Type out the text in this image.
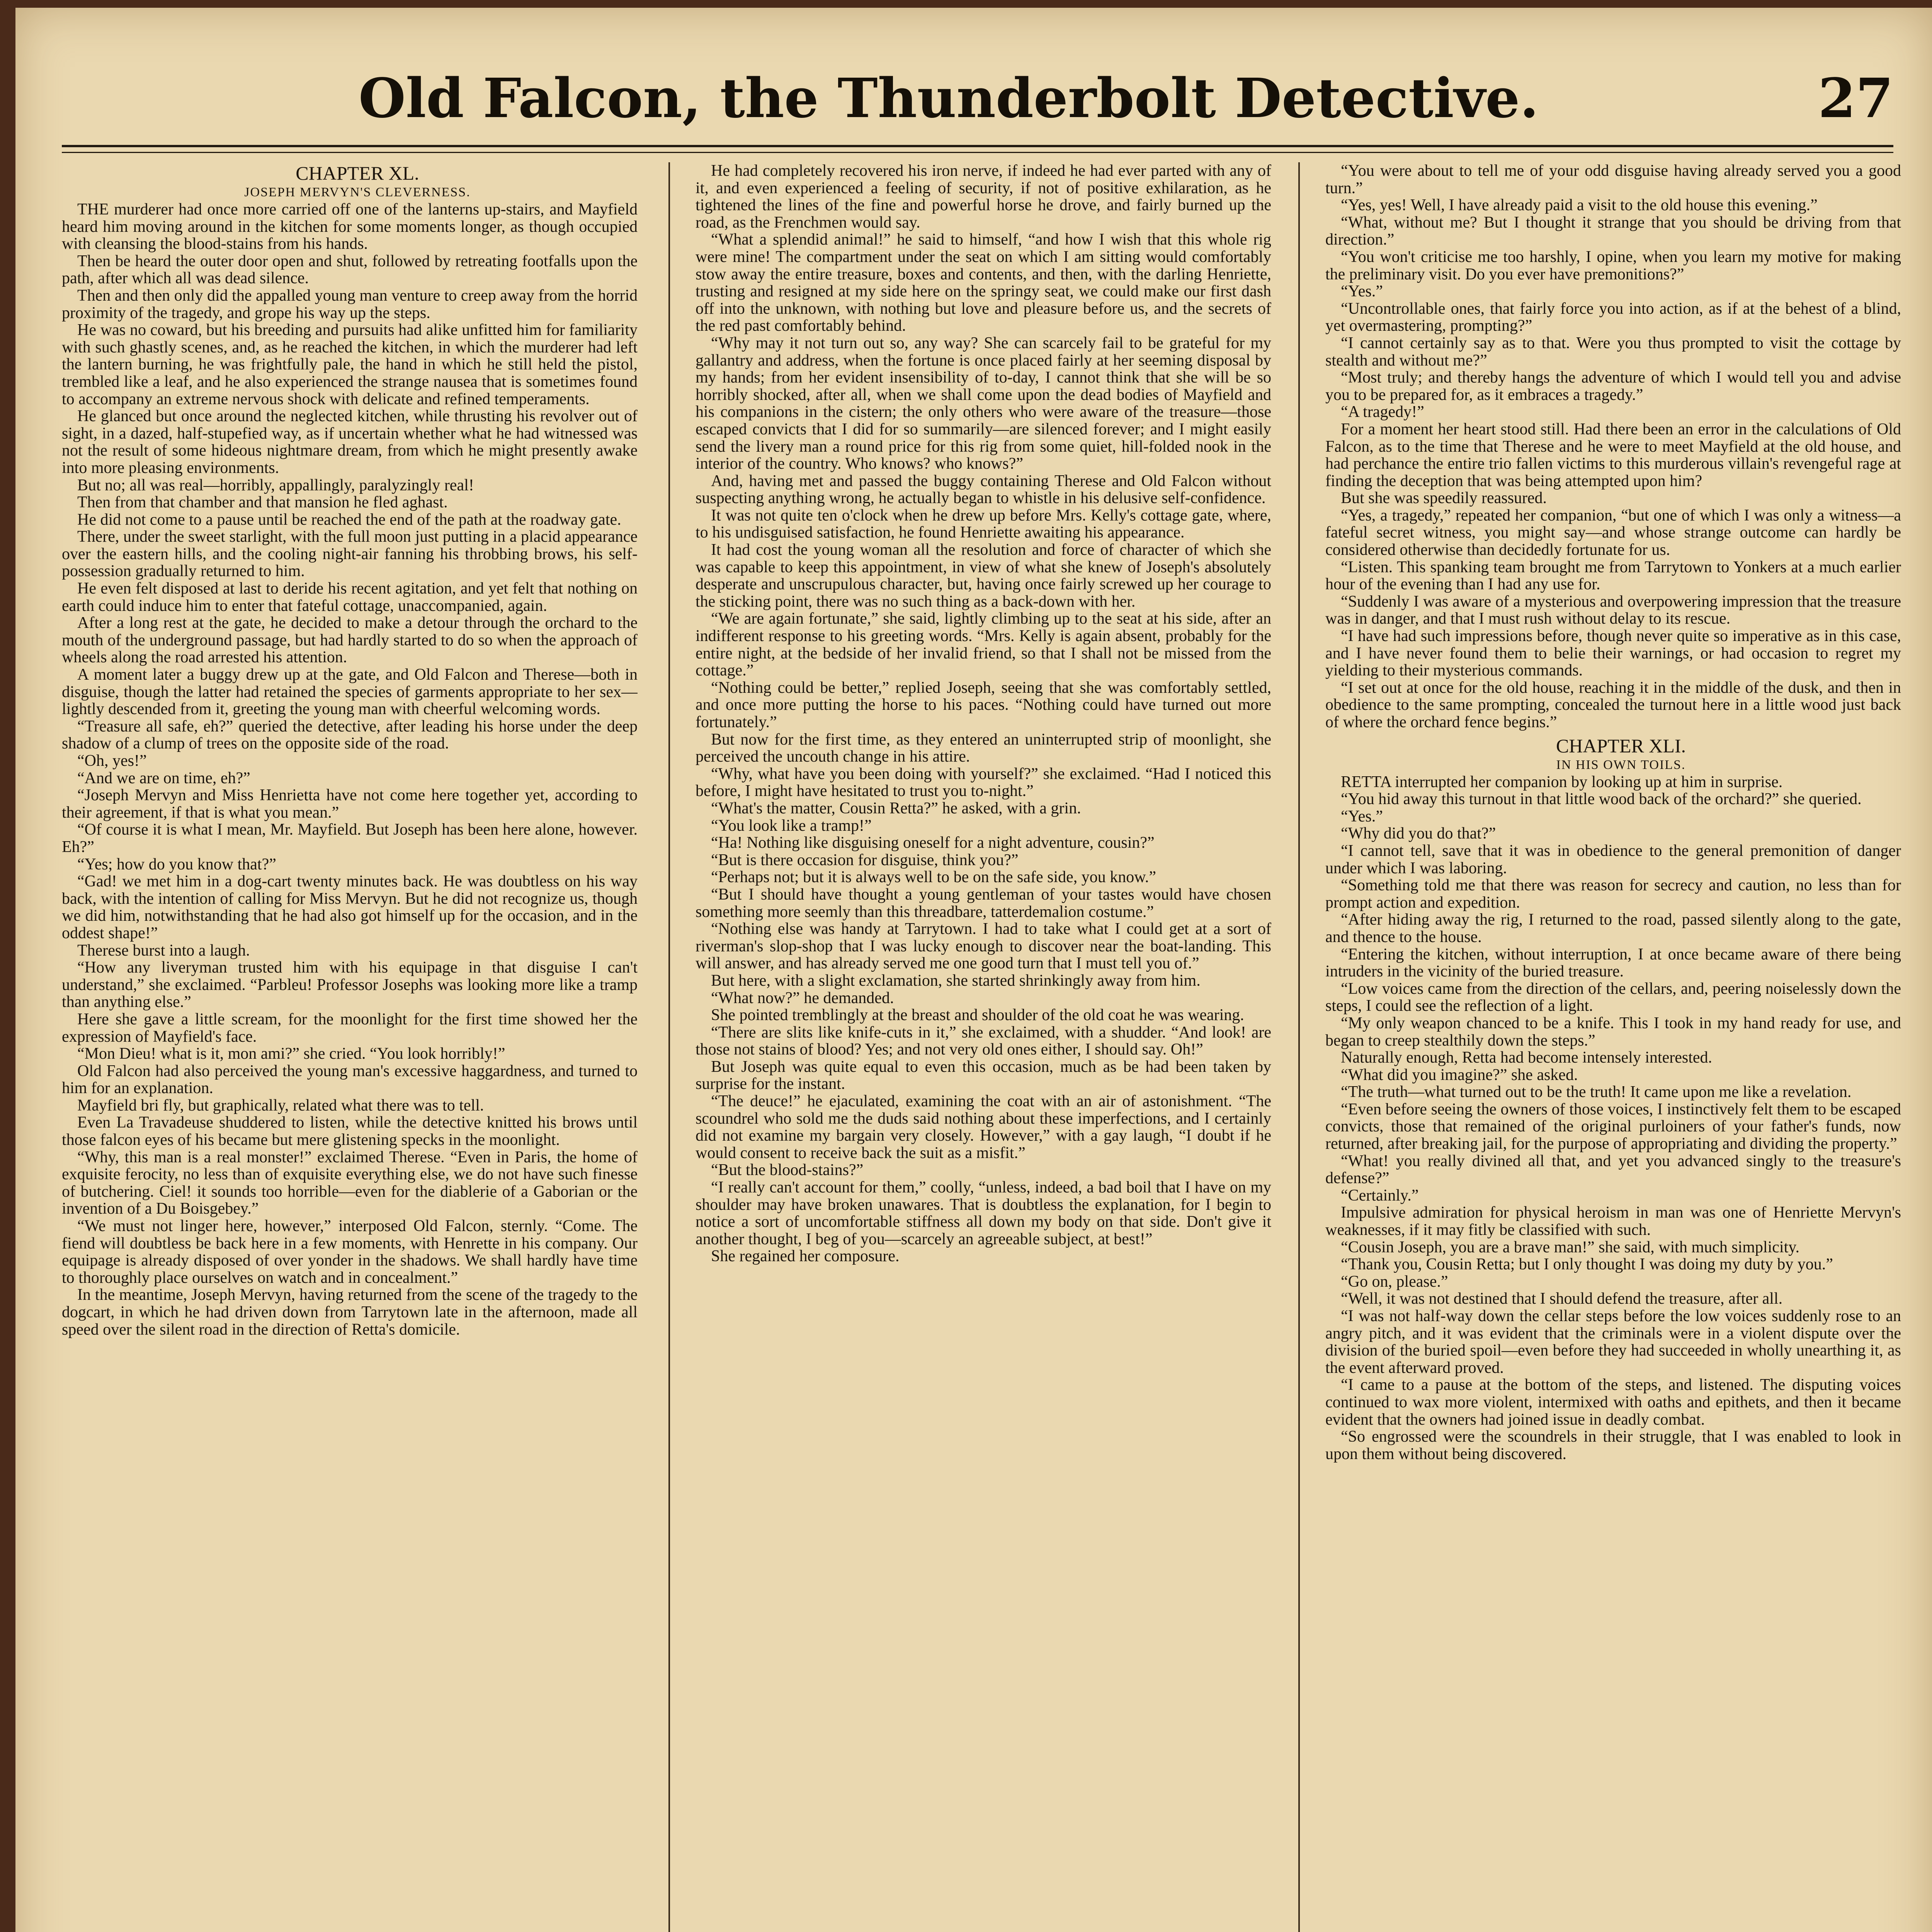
Old Falcon, the Thunderbolt Detective.	27

CHAPTER XL.

JOSEPH MERVYN'S CLEVERNESS.

THE murderer had once more carried off one of the lanterns up-stairs, and Mayfield heard him moving around in the kitchen for some moments longer, as though occupied with cleansing the blood-stains from his hands.

Then be heard the outer door open and shut, followed by retreating footfalls upon the path, after which all was dead silence.

Then and then only did the appalled young man venture to creep away from the horrid proximity of the tragedy, and grope his way up the steps.

He was no coward, but his breeding and pursuits had alike unfitted him for familiarity with such ghastly scenes, and, as he reached the kitchen, in which the murderer had left the lantern burning, he was frightfully pale, the hand in which he still held the pistol, trembled like a leaf, and he also experienced the strange nausea that is sometimes found to accompany an extreme nervous shock with delicate and refined temperaments.

He glanced but once around the neglected kitchen, while thrusting his revolver out of sight, in a dazed, half-stupefied way, as if uncertain whether what he had witnessed was not the result of some hideous nightmare dream, from which he might presently awake into more pleasing environments.

But no; all was real—horribly, appallingly, paralyzingly real!

Then from that chamber and that mansion he fled aghast.

He did not come to a pause until be reached the end of the path at the roadway gate.

There, under the sweet starlight, with the full moon just putting in a placid appearance over the eastern hills, and the cooling night-air fanning his throbbing brows, his self-possession gradually returned to him.

He even felt disposed at last to deride his recent agitation, and yet felt that nothing on earth could induce him to enter that fateful cottage, unaccompanied, again.

After a long rest at the gate, he decided to make a detour through the orchard to the mouth of the underground passage, but had hardly started to do so when the approach of wheels along the road arrested his attention.

A moment later a buggy drew up at the gate, and Old Falcon and Therese—both in disguise, though the latter had retained the species of garments appropriate to her sex—lightly descended from it, greeting the young man with cheerful welcoming words.

“Treasure all safe, eh?” queried the detective, after leading his horse under the deep shadow of a clump of trees on the opposite side of the road.

“Oh, yes!”

“And we are on time, eh?”

“Joseph Mervyn and Miss Henrietta have not come here together yet, according to their agreement, if that is what you mean.”

“Of course it is what I mean, Mr. Mayfield. But Joseph has been here alone, however. Eh?”

“Yes; how do you know that?”

“Gad! we met him in a dog-cart twenty minutes back. He was doubtless on his way back, with the intention of calling for Miss Mervyn. But he did not recognize us, though we did him, notwithstanding that he had also got himself up for the occasion, and in the oddest shape!”

Therese burst into a laugh.

“How any liveryman trusted him with his equipage in that disguise I can't understand,” she exclaimed. “Parbleu! Professor Josephs was looking more like a tramp than anything else.”

Here she gave a little scream, for the moonlight for the first time showed her the expression of Mayfield's face.

“Mon Dieu! what is it, mon ami?” she cried. “You look horribly!”

Old Falcon had also perceived the young man's excessive haggardness, and turned to him for an explanation.

Mayfield bri fly, but graphically, related what there was to tell.

Even La Travadeuse shuddered to listen, while the detective knitted his brows until those falcon eyes of his became but mere glistening specks in the moonlight.

“Why, this man is a real monster!” exclaimed Therese. “Even in Paris, the home of exquisite ferocity, no less than of exquisite everything else, we do not have such finesse of butchering. Ciel! it sounds too horrible—even for the diablerie of a Gaborian or the invention of a Du Boisgebey.”

“We must not linger here, however,” interposed Old Falcon, sternly. “Come. The fiend will doubtless be back here in a few moments, with Henrette in his company. Our equipage is already disposed of over yonder in the shadows. We shall hardly have time to thoroughly place ourselves on watch and in concealment.”

In the meantime, Joseph Mervyn, having returned from the scene of the tragedy to the dogcart, in which he had driven down from Tarrytown late in the afternoon, made all speed over the silent road in the direction of Retta's domicile.

He had completely recovered his iron nerve, if indeed he had ever parted with any of it, and even experienced a feeling of security, if not of positive exhilaration, as he tightened the lines of the fine and powerful horse he drove, and fairly burned up the road, as the Frenchmen would say.

“What a splendid animal!” he said to himself, “and how I wish that this whole rig were mine! The compartment under the seat on which I am sitting would comfortably stow away the entire treasure, boxes and contents, and then, with the darling Henriette, trusting and resigned at my side here on the springy seat, we could make our first dash off into the unknown, with nothing but love and pleasure before us, and the secrets of the red past comfortably behind.

“Why may it not turn out so, any way? She can scarcely fail to be grateful for my gallantry and address, when the fortune is once placed fairly at her seeming disposal by my hands; from her evident insensibility of to-day, I cannot think that she will be so horribly shocked, after all, when we shall come upon the dead bodies of Mayfield and his companions in the cistern; the only others who were aware of the treasure—those escaped convicts that I did for so summarily—are silenced forever; and I might easily send the livery man a round price for this rig from some quiet, hill-folded nook in the interior of the country. Who knows? who knows?”

And, having met and passed the buggy containing Therese and Old Falcon without suspecting anything wrong, he actually began to whistle in his delusive self-confidence.

It was not quite ten o'clock when he drew up before Mrs. Kelly's cottage gate, where, to his undisguised satisfaction, he found Henriette awaiting his appearance.

It had cost the young woman all the resolution and force of character of which she was capable to keep this appointment, in view of what she knew of Joseph's absolutely desperate and unscrupulous character, but, having once fairly screwed up her courage to the sticking point, there was no such thing as a back-down with her.

“We are again fortunate,” she said, lightly climbing up to the seat at his side, after an indifferent response to his greeting words. “Mrs. Kelly is again absent, probably for the entire night, at the bedside of her invalid friend, so that I shall not be missed from the cottage.”

“Nothing could be better,” replied Joseph, seeing that she was comfortably settled, and once more putting the horse to his paces. “Nothing could have turned out more fortunately.”

But now for the first time, as they entered an uninterrupted strip of moonlight, she perceived the uncouth change in his attire.

“Why, what have you been doing with yourself?” she exclaimed. “Had I noticed this before, I might have hesitated to trust you to-night.”

“What's the matter, Cousin Retta?” he asked, with a grin.

“You look like a tramp!”

“Ha! Nothing like disguising oneself for a night adventure, cousin?”

“But is there occasion for disguise, think you?”

“Perhaps not; but it is always well to be on the safe side, you know.”

“But I should have thought a young gentleman of your tastes would have chosen something more seemly than this threadbare, tatterdemalion costume.”

“Nothing else was handy at Tarrytown. I had to take what I could get at a sort of riverman's slop-shop that I was lucky enough to discover near the boat-landing. This will answer, and has already served me one good turn that I must tell you of.”

But here, with a slight exclamation, she started shrinkingly away from him.

“What now?” he demanded.

She pointed tremblingly at the breast and shoulder of the old coat he was wearing.

“There are slits like knife-cuts in it,” she exclaimed, with a shudder. “And look! are those not stains of blood? Yes; and not very old ones either, I should say. Oh!”

But Joseph was quite equal to even this occasion, much as be had been taken by surprise for the instant.

“The deuce!” he ejaculated, examining the coat with an air of astonishment. “The scoundrel who sold me the duds said nothing about these imperfections, and I certainly did not examine my bargain very closely. However,” with a gay laugh, “I doubt if he would consent to receive back the suit as a misfit.”

“But the blood-stains?”

“I really can't account for them,” coolly, “unless, indeed, a bad boil that I have on my shoulder may have broken unawares. That is doubtless the explanation, for I begin to notice a sort of uncomfortable stiffness all down my body on that side. Don't give it another thought, I beg of you—scarcely an agreeable subject, at best!”

She regained her composure.

“You were about to tell me of your odd disguise having already served you a good turn.”

“Yes, yes! Well, I have already paid a visit to the old house this evening.”

“What, without me? But I thought it strange that you should be driving from that direction.”

“You won't criticise me too harshly, I opine, when you learn my motive for making the preliminary visit. Do you ever have premonitions?”

“Yes.”

“Uncontrollable ones, that fairly force you into action, as if at the behest of a blind, yet overmastering, prompting?”

“I cannot certainly say as to that. Were you thus prompted to visit the cottage by stealth and without me?”

“Most truly; and thereby hangs the adventure of which I would tell you and advise you to be prepared for, as it embraces a tragedy.”

“A tragedy!”

For a moment her heart stood still. Had there been an error in the calculations of Old Falcon, as to the time that Therese and he were to meet Mayfield at the old house, and had perchance the entire trio fallen victims to this murderous villain's revengeful rage at finding the deception that was being attempted upon him?

But she was speedily reassured.

“Yes, a tragedy,” repeated her companion, “but one of which I was only a witness—a fateful secret witness, you might say—and whose strange outcome can hardly be considered otherwise than decidedly fortunate for us.

“Listen. This spanking team brought me from Tarrytown to Yonkers at a much earlier hour of the evening than I had any use for.

“Suddenly I was aware of a mysterious and overpowering impression that the treasure was in danger, and that I must rush without delay to its rescue.

“I have had such impressions before, though never quite so imperative as in this case, and I have never found them to belie their warnings, or had occasion to regret my yielding to their mysterious commands.

“I set out at once for the old house, reaching it in the middle of the dusk, and then in obedience to the same prompting, concealed the turnout here in a little wood just back of where the orchard fence begins.”

CHAPTER XLI.

IN HIS OWN TOILS.

RETTA interrupted her companion by looking up at him in surprise.

“You hid away this turnout in that little wood back of the orchard?” she queried.

“Yes.”

“Why did you do that?”

“I cannot tell, save that it was in obedience to the general premonition of danger under which I was laboring.

“Something told me that there was reason for secrecy and caution, no less than for prompt action and expedition.

“After hiding away the rig, I returned to the road, passed silently along to the gate, and thence to the house.

“Entering the kitchen, without interruption, I at once became aware of there being intruders in the vicinity of the buried treasure.

“Low voices came from the direction of the cellars, and, peering noiselessly down the steps, I could see the reflection of a light.

“My only weapon chanced to be a knife. This I took in my hand ready for use, and began to creep stealthily down the steps.”

Naturally enough, Retta had become intensely interested.

“What did you imagine?” she asked.

“The truth—what turned out to be the truth! It came upon me like a revelation.

“Even before seeing the owners of those voices, I instinctively felt them to be escaped convicts, those that remained of the original purloiners of your father's funds, now returned, after breaking jail, for the purpose of appropriating and dividing the property.”

“What! you really divined all that, and yet you advanced singly to the treasure's defense?”

“Certainly.”

Impulsive admiration for physical heroism in man was one of Henriette Mervyn's weaknesses, if it may fitly be classified with such.

“Cousin Joseph, you are a brave man!” she said, with much simplicity.

“Thank you, Cousin Retta; but I only thought I was doing my duty by you.”

“Go on, please.”

“Well, it was not destined that I should defend the treasure, after all.

“I was not half-way down the cellar steps before the low voices suddenly rose to an angry pitch, and it was evident that the criminals were in a violent dispute over the division of the buried spoil—even before they had succeeded in wholly unearthing it, as the event afterward proved.

“I came to a pause at the bottom of the steps, and listened. The disputing voices continued to wax more violent, intermixed with oaths and epithets, and then it became evident that the owners had joined issue in deadly combat.

“So engrossed were the scoundrels in their struggle, that I was enabled to look in upon them without being discovered.
